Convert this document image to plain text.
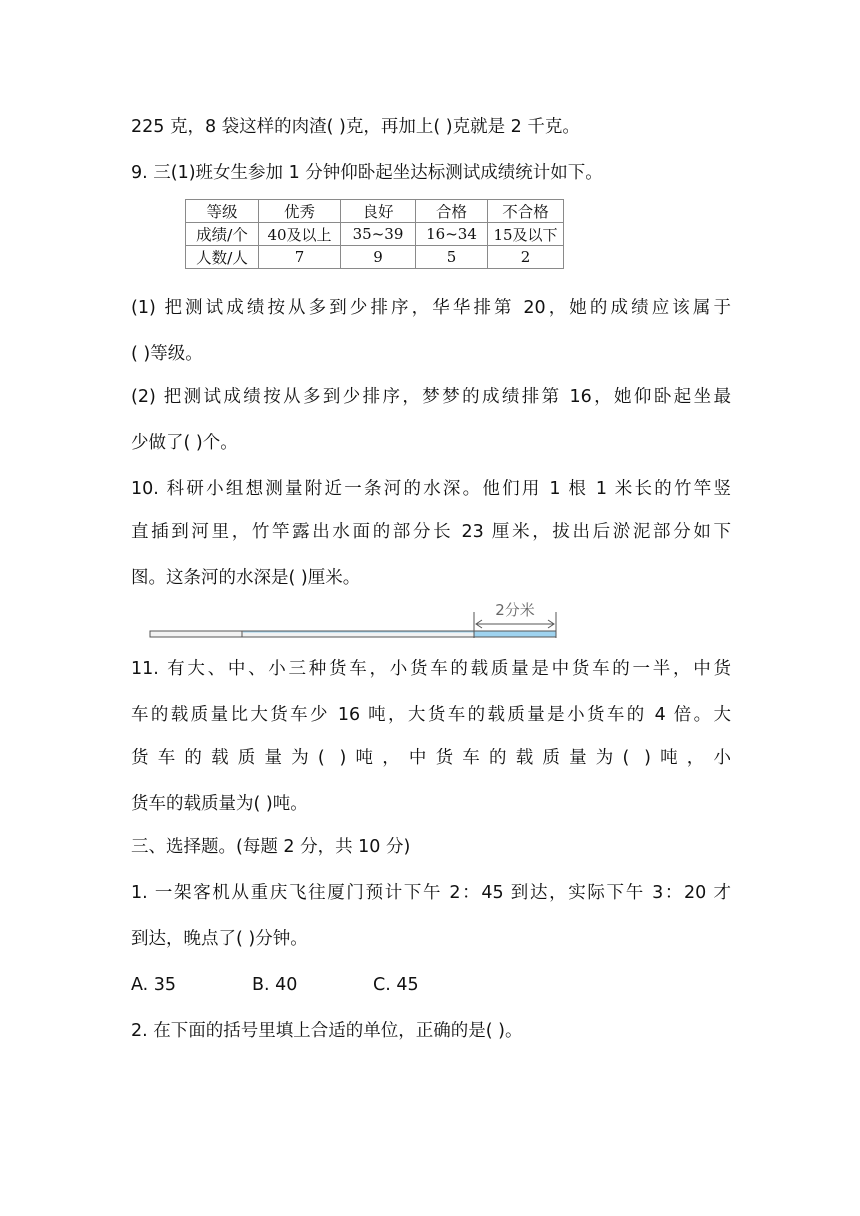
225 克，8 袋这样的肉渣( )克，再加上( )克就是 2 千克。
9. 三(1)班女生参加 1 分钟仰卧起坐达标测试成绩统计如下。
等级	优秀	良好	合格	不合格
成绩/个	40及以上	35~39	16~34	15及以下
人数/人	7	9	5	2
(1) 把测试成绩按从多到少排序，华华排第 20，她的成绩应该属于
( )等级。
(2) 把测试成绩按从多到少排序，梦梦的成绩排第 16，她仰卧起坐最
少做了( )个。
10. 科研小组想测量附近一条河的水深。他们用 1 根 1 米长的竹竿竖
直插到河里，竹竿露出水面的部分长 23 厘米，拔出后淤泥部分如下
图。这条河的水深是( )厘米。
2分米
11. 有大、中、小三种货车，小货车的载质量是中货车的一半，中货
车的载质量比大货车少 16 吨，大货车的载质量是小货车的 4 倍。大
货车的载质量为( )吨，中货车的载质量为( )吨，小
货车的载质量为( )吨。
三、选择题。(每题 2 分，共 10 分)
1. 一架客机从重庆飞往厦门预计下午 2：45 到达，实际下午 3：20 才
到达，晚点了( )分钟。
A. 35	B. 40	C. 45
2. 在下面的括号里填上合适的单位，正确的是( )。
